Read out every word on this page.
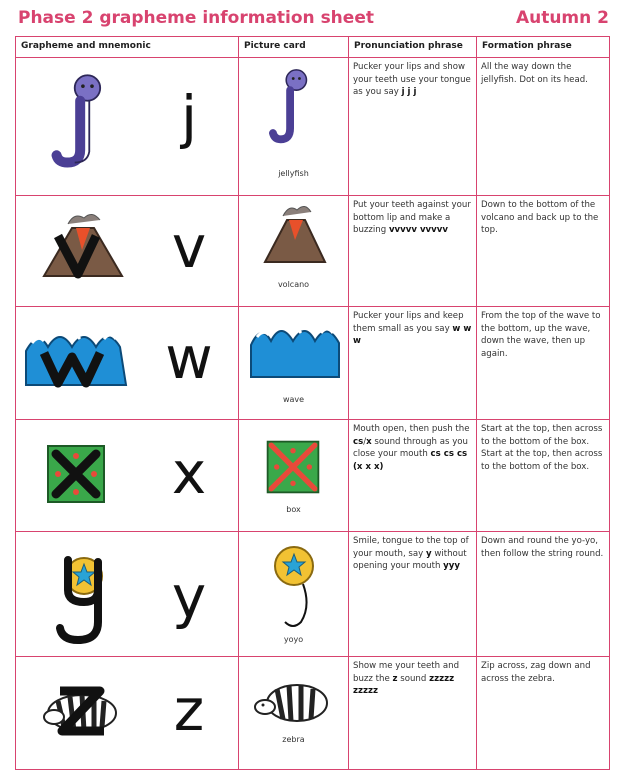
Phase 2 grapheme information sheet	Autumn 2
Grapheme and mnemonic	Picture card	Pronunciation phrase	Formation phrase

j	jellyfish	Pucker your lips and show your teeth use your tongue as you say j j j	All the way down the jellyfish. Dot on its head.

v	volcano	Put your teeth against your bottom lip and make a buzzing vvvvv vvvvv	Down to the bottom of the volcano and back up to the top.

w	wave	Pucker your lips and keep them small as you say w w w	From the top of the wave to the bottom, up the wave, down the wave, then up again.

x	box	Mouth open, then push the cs/x sound through as you close your mouth cs cs cs (x x x)	Start at the top, then across to the bottom of the box. Start at the top, then across to the bottom of the box.

y	yoyo	Smile, tongue to the top of your mouth, say y without opening your mouth yyy	Down and round the yo-yo, then follow the string round.

z	zebra	Show me your teeth and buzz the z sound zzzzz zzzzz	Zip across, zag down and across the zebra.
